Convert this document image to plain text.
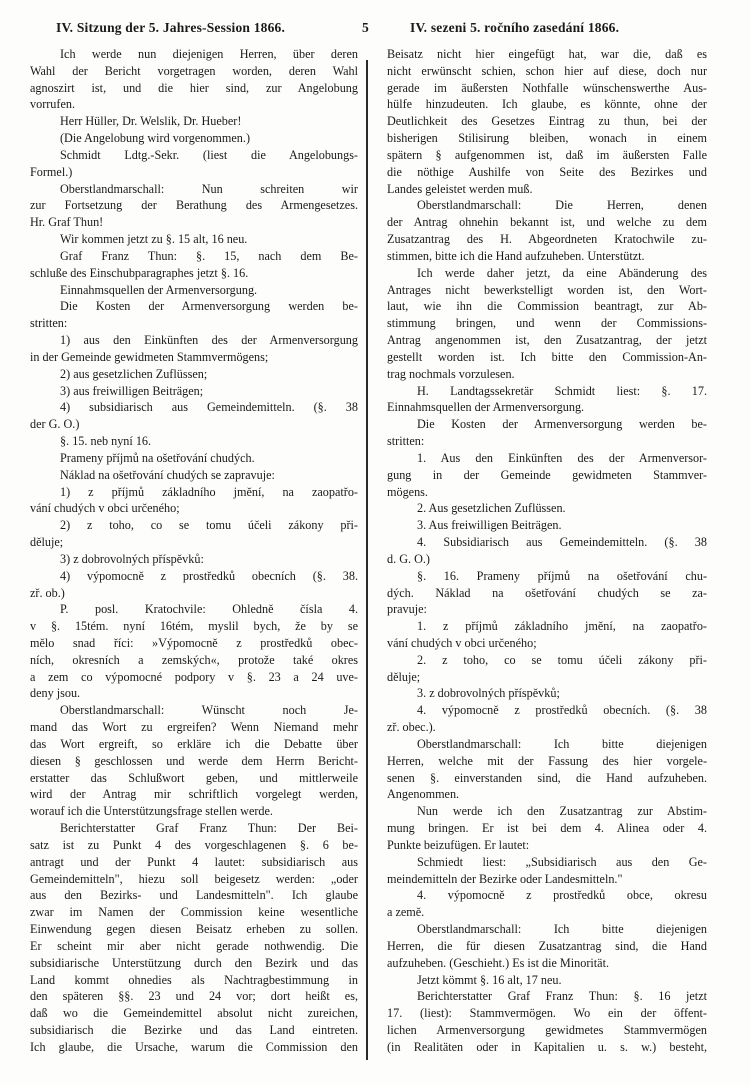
IV. Sitzung der 5. Jahres-Session 1866.	5	IV. sezeni 5. ročního zasedání 1866.
Ich werde nun diejenigen Herren, über deren
Wahl der Bericht vorgetragen worden, deren Wahl
agnoszirt ist, und die hier sind, zur Angelobung
vorrufen.
Herr Hüller, Dr. Welslik, Dr. Hueber!
(Die Angelobung wird vorgenommen.)
Schmidt Ldtg.-Sekr. (liest die Angelobungs-
Formel.)
Oberstlandmarschall: Nun schreiten wir
zur Fortsetzung der Berathung des Armengesetzes.
Hr. Graf Thun!
Wir kommen jetzt zu §. 15 alt, 16 neu.
Graf Franz Thun: §. 15, nach dem Be-
schluße des Einschubparagraphes jetzt §. 16.
Einnahmsquellen der Armenversorgung.
Die Kosten der Armenversorgung werden be-
stritten:
1) aus den Einkünften des der Armenversorgung
in der Gemeinde gewidmeten Stammvermögens;
2) aus gesetzlichen Zuflüssen;
3) aus freiwilligen Beiträgen;
4) subsidiarisch aus Gemeindemitteln. (§. 38
der G. O.)
§. 15. neb nyní 16.
Prameny příjmů na ošetřování chudých.
Náklad na ošetřování chudých se zapravuje:
1) z příjmů základního jmění, na zaopatřo-
vání chudých v obci určeného;
2) z toho, co se tomu účeli zákony při-
děluje;
3) z dobrovolných příspěvků:
4) výpomocně z prostředků obecních (§. 38.
zř. ob.)
P. posl. Kratochvile: Ohledně čísla 4.
v §. 15tém. nyní 16tém, myslil bych, že by se
mělo snad říci: »Výpomocně z prostředků obec-
ních, okresních a zemských«, protože také okres
a zem co výpomocné podpory v §. 23 a 24 uve-
deny jsou.
Oberstlandmarschall: Wünscht noch Je-
mand das Wort zu ergreifen? Wenn Niemand mehr
das Wort ergreift, so erkläre ich die Debatte über
diesen § geschlossen und werde dem Herrn Bericht-
erstatter das Schlußwort geben, und mittlerweile
wird der Antrag mir schriftlich vorgelegt werden,
worauf ich die Unterstützungsfrage stellen werde.
Berichterstatter Graf Franz Thun: Der Bei-
satz ist zu Punkt 4 des vorgeschlagenen §. 6 be-
antragt und der Punkt 4 lautet: subsidiarisch aus
Gemeindemitteln", hiezu soll beigesetz werden: „oder
aus den Bezirks- und Landesmitteln". Ich glaube
zwar im Namen der Commission keine wesentliche
Einwendung gegen diesen Beisatz erheben zu sollen.
Er scheint mir aber nicht gerade nothwendig. Die
subsidiarische Unterstützung durch den Bezirk und das
Land kommt ohnedies als Nachtragbestimmung in
den späteren §§. 23 und 24 vor; dort heißt es,
daß wo die Gemeindemittel absolut nicht zureichen,
subsidiarisch die Bezirke und das Land eintreten.
Ich glaube, die Ursache, warum die Commission den
Beisatz nicht hier eingefügt hat, war die, daß es
nicht erwünscht schien, schon hier auf diese, doch nur
gerade im äußersten Nothfalle wünschenswerthe Aus-
hülfe hinzudeuten. Ich glaube, es könnte, ohne der
Deutlichkeit des Gesetzes Eintrag zu thun, bei der
bisherigen Stilisirung bleiben, wonach in einem
spätern § aufgenommen ist, daß im äußersten Falle
die nöthige Aushilfe von Seite des Bezirkes und
Landes geleistet werden muß.
Oberstlandmarschall: Die Herren, denen
der Antrag ohnehin bekannt ist, und welche zu dem
Zusatzantrag des H. Abgeordneten Kratochwile zu-
stimmen, bitte ich die Hand aufzuheben. Unterstützt.
Ich werde daher jetzt, da eine Abänderung des
Antrages nicht bewerkstelligt worden ist, den Wort-
laut, wie ihn die Commission beantragt, zur Ab-
stimmung bringen, und wenn der Commissions-
Antrag angenommen ist, den Zusatzantrag, der jetzt
gestellt worden ist. Ich bitte den Commission-An-
trag nochmals vorzulesen.
H. Landtagssekretär Schmidt liest: §. 17.
Einnahmsquellen der Armenversorgung.
Die Kosten der Armenversorgung werden be-
stritten:
1. Aus den Einkünften des der Armenversor-
gung in der Gemeinde gewidmeten Stammver-
mögens.
2. Aus gesetzlichen Zuflüssen.
3. Aus freiwilligen Beiträgen.
4. Subsidiarisch aus Gemeindemitteln. (§. 38
d. G. O.)
§. 16. Prameny příjmů na ošetřování chu-
dých. Náklad na ošetřování chudých se za-
pravuje:
1. z příjmů základního jmění, na zaopatřo-
vání chudých v obci určeného;
2. z toho, co se tomu účeli zákony při-
děluje;
3. z dobrovolných příspěvků;
4. výpomocně z prostředků obecních. (§. 38
zř. obec.).
Oberstlandmarschall: Ich bitte diejenigen
Herren, welche mit der Fassung des hier vorgele-
senen §. einverstanden sind, die Hand aufzuheben.
Angenommen.
Nun werde ich den Zusatzantrag zur Abstim-
mung bringen. Er ist bei dem 4. Alinea oder 4.
Punkte beizufügen. Er lautet:
Schmiedt liest: „Subsidiarisch aus den Ge-
meindemitteln der Bezirke oder Landesmitteln."
4. výpomocně z prostředků obce, okresu
a země.
Oberstlandmarschall: Ich bitte diejenigen
Herren, die für diesen Zusatzantrag sind, die Hand
aufzuheben. (Geschieht.) Es ist die Minorität.
Jetzt kömmt §. 16 alt, 17 neu.
Berichterstatter Graf Franz Thun: §. 16 jetzt
17. (liest): Stammvermögen. Wo ein der öffent-
lichen Armenversorgung gewidmetes Stammvermögen
(in Realitäten oder in Kapitalien u. s. w.) besteht,
